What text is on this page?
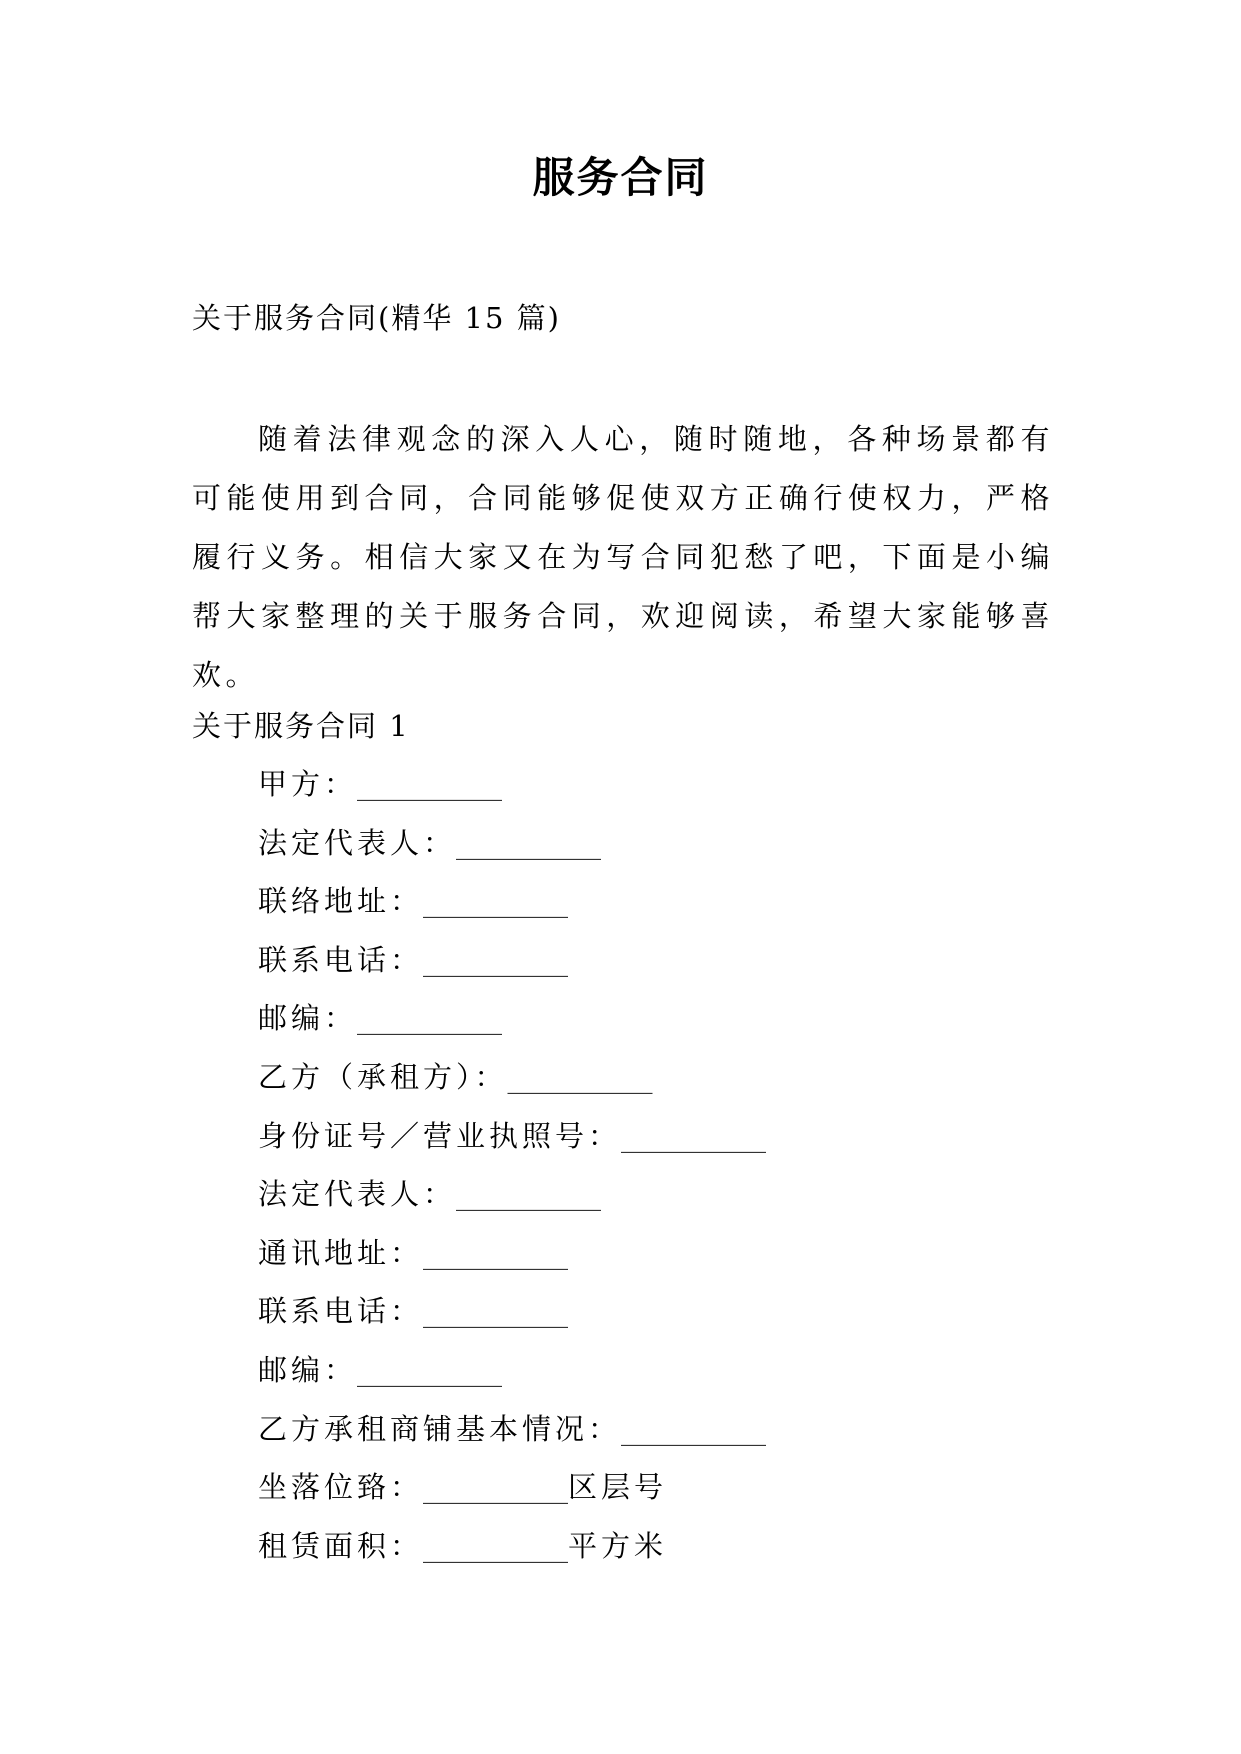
服务合同
关于服务合同(精华 15 篇)

随着法律观念的深入人心，随时随地，各种场景都有可能使用到合同，合同能够促使双方正确行使权力，严格履行义务。相信大家又在为写合同犯愁了吧，下面是小编帮大家整理的关于服务合同，欢迎阅读，希望大家能够喜欢。

关于服务合同 1
甲方：__________
法定代表人：__________
联络地址：__________
联系电话：__________
邮编：__________
乙方（承租方）：__________
身份证号／营业执照号：__________
法定代表人：__________
通讯地址：__________
联系电话：__________
邮编：__________
乙方承租商铺基本情况：__________
坐落位臵：__________区层号
租赁面积：__________平方米
